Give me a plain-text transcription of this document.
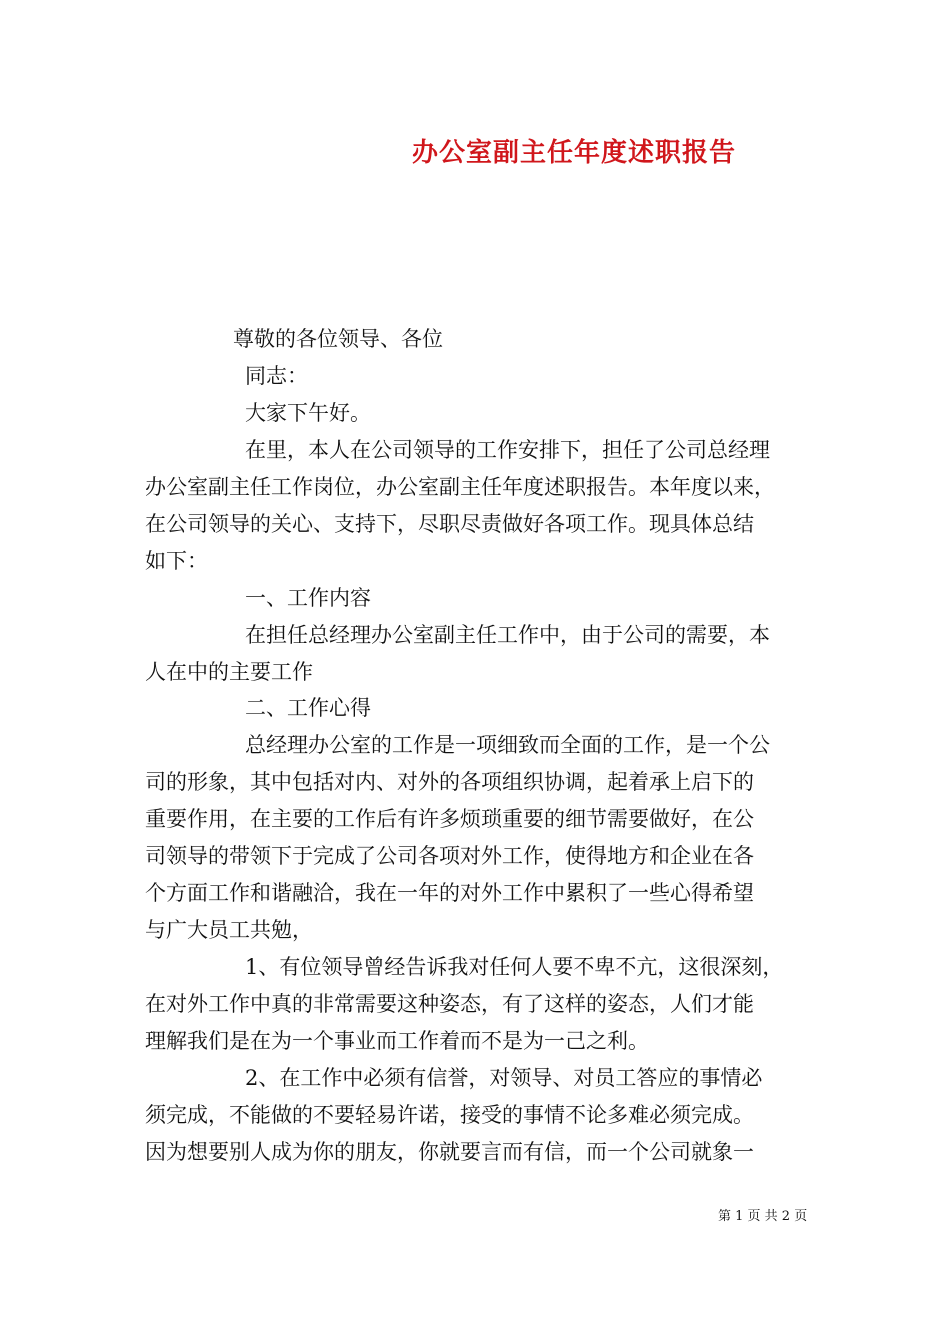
办公室副主任年度述职报告
尊敬的各位领导、各位
同志：
大家下午好。
在里，本人在公司领导的工作安排下，担任了公司总经理
办公室副主任工作岗位，办公室副主任年度述职报告。本年度以来，
在公司领导的关心、支持下，尽职尽责做好各项工作。现具体总结
如下：
一、工作内容
在担任总经理办公室副主任工作中，由于公司的需要，本
人在中的主要工作
二、工作心得
总经理办公室的工作是一项细致而全面的工作，是一个公
司的形象，其中包括对内、对外的各项组织协调，起着承上启下的
重要作用，在主要的工作后有许多烦琐重要的细节需要做好，在公
司领导的带领下于完成了公司各项对外工作，使得地方和企业在各
个方面工作和谐融洽，我在一年的对外工作中累积了一些心得希望
与广大员工共勉，
1、有位领导曾经告诉我对任何人要不卑不亢，这很深刻，
在对外工作中真的非常需要这种姿态，有了这样的姿态，人们才能
理解我们是在为一个事业而工作着而不是为一己之利。
2、在工作中必须有信誉，对领导、对员工答应的事情必
须完成，不能做的不要轻易许诺，接受的事情不论多难必须完成。
因为想要别人成为你的朋友，你就要言而有信，而一个公司就象一
第 1 页 共 2 页
